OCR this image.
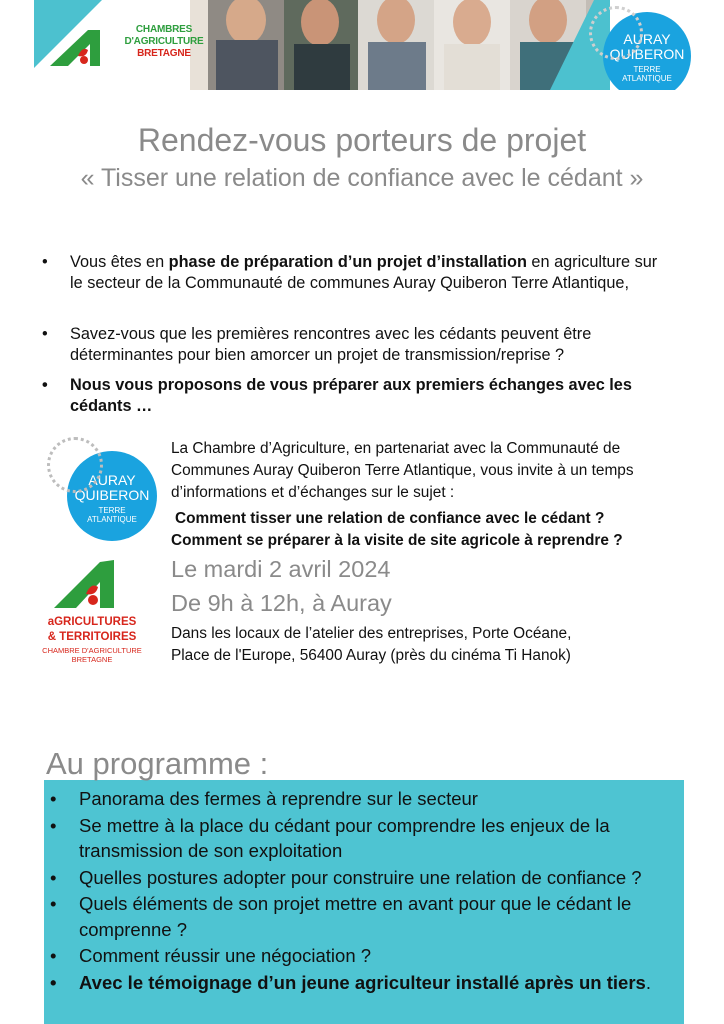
CHAMBRES
D'AGRICULTURE
BRETAGNE
AURAY
QUIBERON
TERRE
ATLANTIQUE
Rendez-vous porteurs de projet
« Tisser une relation de confiance avec le cédant »
• Vous êtes en phase de préparation d’un projet d’installation en agriculture sur le secteur de la Communauté de communes Auray Quiberon Terre Atlantique,
• Savez-vous que les premières rencontres avec les cédants peuvent être déterminantes pour bien amorcer un projet de transmission/reprise ?
• Nous vous proposons de vous préparer aux premiers échanges avec les cédants …
AURAY
QUIBERON
TERRE
ATLANTIQUE
aGRICULTURES
& TERRITOIRES
CHAMBRE D'AGRICULTURE
BRETAGNE
La Chambre d’Agriculture, en partenariat avec la Communauté de Communes Auray Quiberon Terre Atlantique, vous invite à un temps d’informations et d’échanges sur le sujet :
Comment tisser une relation de confiance avec le cédant ?
Comment se préparer à la visite de site agricole à reprendre ?
Le mardi 2 avril 2024
De 9h à 12h, à Auray
Dans les locaux de l’atelier des entreprises, Porte Océane,
Place de l'Europe, 56400 Auray (près du cinéma Ti Hanok)
Au programme :
• Panorama des fermes à reprendre sur le secteur
• Se mettre à la place du cédant pour comprendre les enjeux de la transmission de son exploitation
• Quelles postures adopter pour construire une relation de confiance ?
• Quels éléments de son projet mettre en avant pour que le cédant le comprenne ?
• Comment réussir une négociation ?
• Avec le témoignage d’un jeune agriculteur installé après un tiers.
